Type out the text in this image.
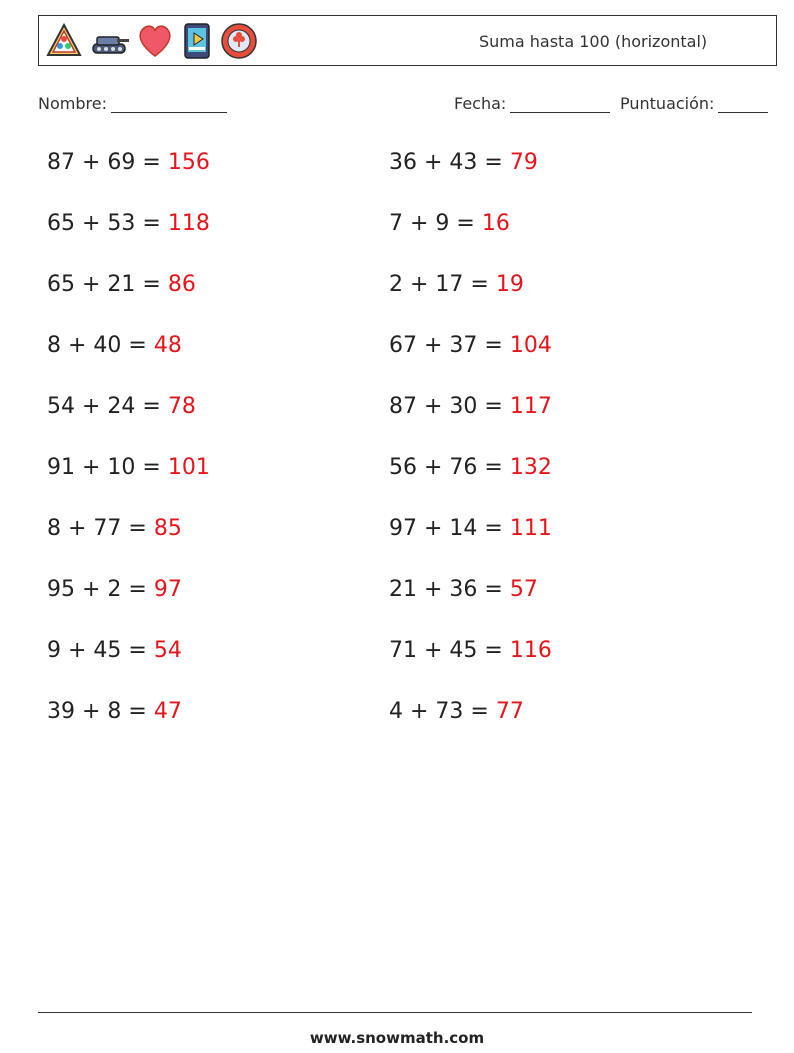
Suma hasta 100 (horizontal)
Nombre:	Fecha:	Puntuación:
87 + 69 = 156
65 + 53 = 118
65 + 21 = 86
8 + 40 = 48
54 + 24 = 78
91 + 10 = 101
8 + 77 = 85
95 + 2 = 97
9 + 45 = 54
39 + 8 = 47
36 + 43 = 79
7 + 9 = 16
2 + 17 = 19
67 + 37 = 104
87 + 30 = 117
56 + 76 = 132
97 + 14 = 111
21 + 36 = 57
71 + 45 = 116
4 + 73 = 77
www.snowmath.com
